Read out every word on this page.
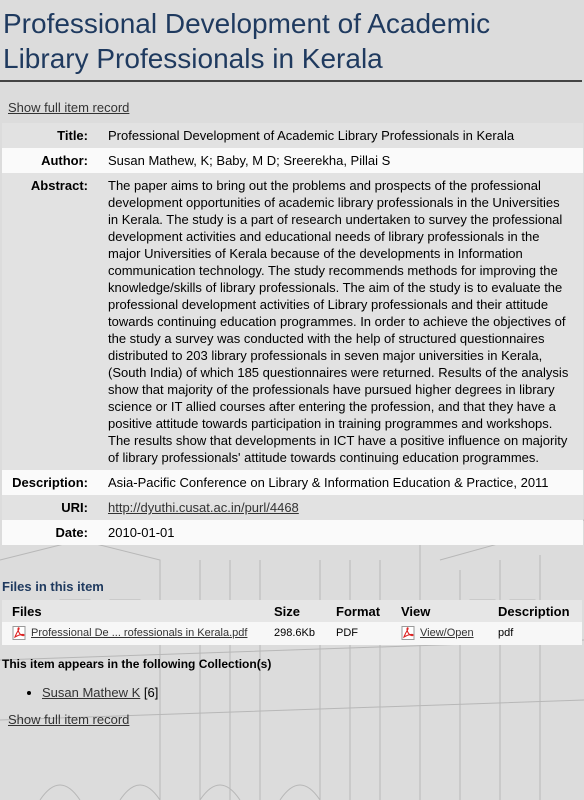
Professional Development of Academic Library Professionals in Kerala
Show full item record
Title:	Professional Development of Academic Library Professionals in Kerala
Author:	Susan Mathew, K; Baby, M D; Sreerekha, Pillai S
Abstract:	The paper aims to bring out the problems and prospects of the professional development opportunities of academic library professionals in the Universities in Kerala. The study is a part of research undertaken to survey the professional development activities and educational needs of library professionals in the major Universities of Kerala because of the developments in Information communication technology. The study recommends methods for improving the knowledge/skills of library professionals. The aim of the study is to evaluate the professional development activities of Library professionals and their attitude towards continuing education programmes. In order to achieve the objectives of the study a survey was conducted with the help of structured questionnaires distributed to 203 library professionals in seven major universities in Kerala, (South India) of which 185 questionnaires were returned. Results of the analysis show that majority of the professionals have pursued higher degrees in library science or IT allied courses after entering the profession, and that they have a positive attitude towards participation in training programmes and workshops. The results show that developments in ICT have a positive influence on majority of library professionals' attitude towards continuing education programmes.
Description:	Asia-Pacific Conference on Library & Information Education & Practice, 2011
URI:	http://dyuthi.cusat.ac.in/purl/4468
Date:	2010-01-01
Files in this item
Files	Size	Format	View	Description
Professional De ... rofessionals in Kerala.pdf	298.6Kb	PDF	View/Open	pdf
This item appears in the following Collection(s)
• Susan Mathew K [6]
Show full item record
